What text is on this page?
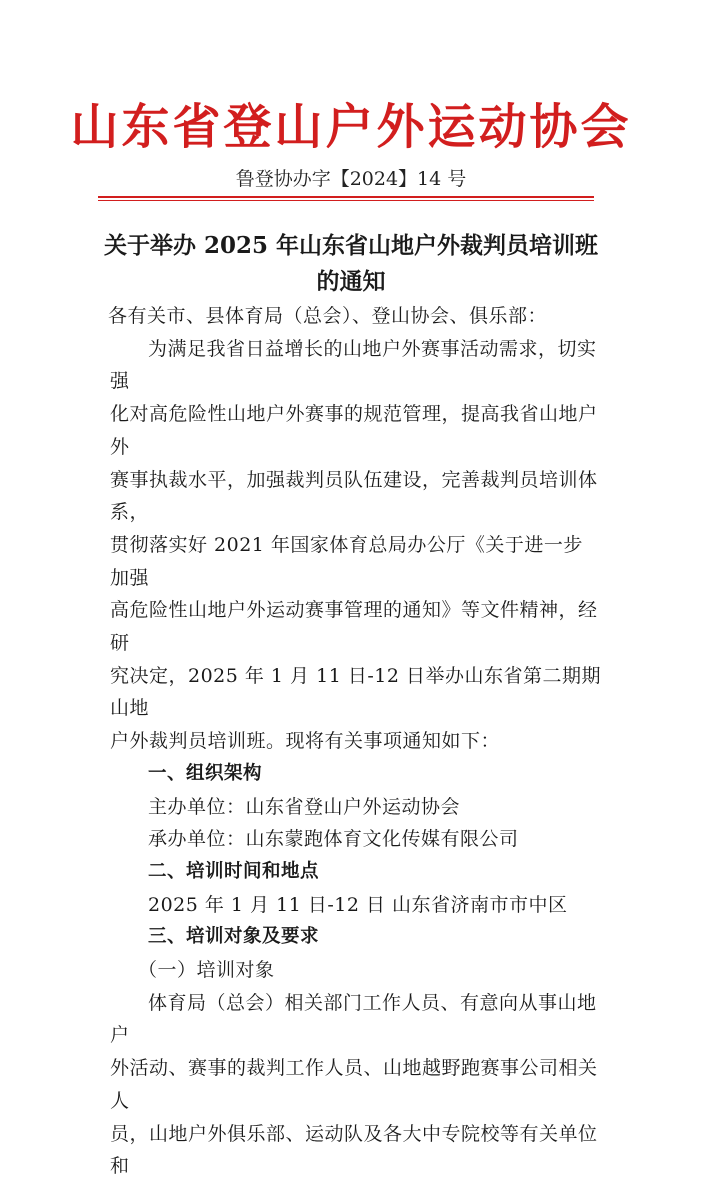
山东省登山户外运动协会
鲁登协办字【2024】14 号
关于举办 2025 年山东省山地户外裁判员培训班
的通知

各有关市、县体育局（总会）、登山协会、俱乐部：

为满足我省日益增长的山地户外赛事活动需求，切实强

化对高危险性山地户外赛事的规范管理，提高我省山地户外

赛事执裁水平，加强裁判员队伍建设，完善裁判员培训体系，

贯彻落实好 2021 年国家体育总局办公厅《关于进一步加强

高危险性山地户外运动赛事管理的通知》等文件精神，经研

究决定，2025 年 1 月 11 日-12 日举办山东省第二期期山地

户外裁判员培训班。现将有关事项通知如下：

一、组织架构

主办单位：山东省登山户外运动协会

承办单位：山东蒙跑体育文化传媒有限公司

二、培训时间和地点

2025 年 1 月 11 日-12 日 山东省济南市市中区

三、培训对象及要求

（一）培训对象

体育局（总会）相关部门工作人员、有意向从事山地户

外活动、赛事的裁判工作人员、山地越野跑赛事公司相关人

员，山地户外俱乐部、运动队及各大中专院校等有关单位和
